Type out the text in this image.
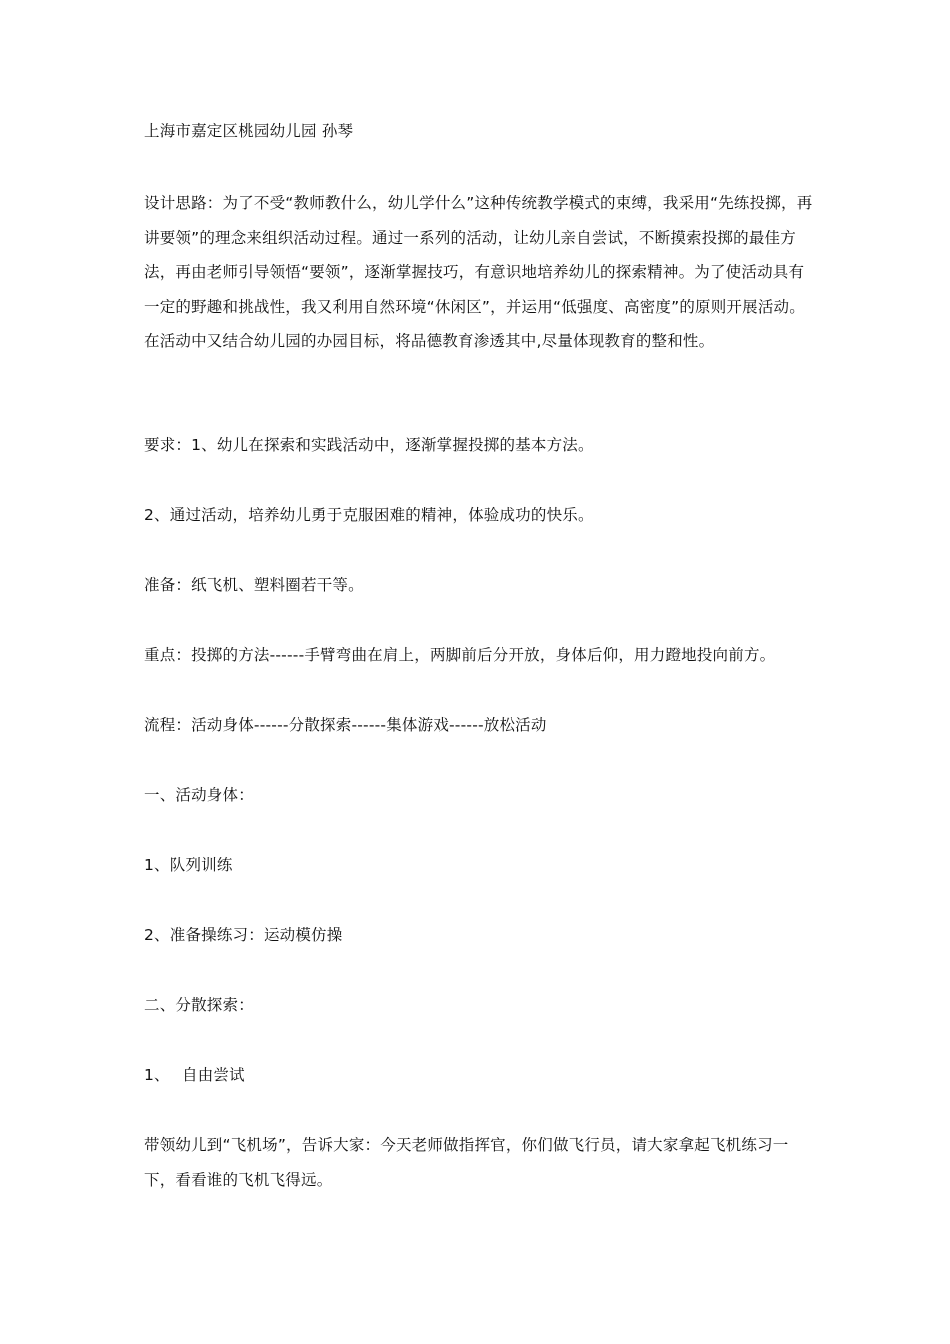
上海市嘉定区桃园幼儿园 孙琴

设计思路：为了不受“教师教什么，幼儿学什么”这种传统教学模式的束缚，我采用“先练投掷，再讲要领”的理念来组织活动过程。通过一系列的活动，让幼儿亲自尝试，不断摸索投掷的最佳方法，再由老师引导领悟“要领”，逐渐掌握技巧，有意识地培养幼儿的探索精神。为了使活动具有一定的野趣和挑战性，我又利用自然环境“休闲区”，并运用“低强度、高密度”的原则开展活动。在活动中又结合幼儿园的办园目标，将品德教育渗透其中,尽量体现教育的整和性。

要求：1、幼儿在探索和实践活动中，逐渐掌握投掷的基本方法。

2、通过活动，培养幼儿勇于克服困难的精神，体验成功的快乐。

准备：纸飞机、塑料圈若干等。

重点：投掷的方法------手臂弯曲在肩上，两脚前后分开放，身体后仰，用力蹬地投向前方。

流程：活动身体------分散探索------集体游戏------放松活动

一、活动身体：

1、队列训练

2、准备操练习：运动模仿操

二、分散探索：

1、 自由尝试

带领幼儿到“飞机场”，告诉大家：今天老师做指挥官，你们做飞行员，请大家拿起飞机练习一下，看看谁的飞机飞得远。
